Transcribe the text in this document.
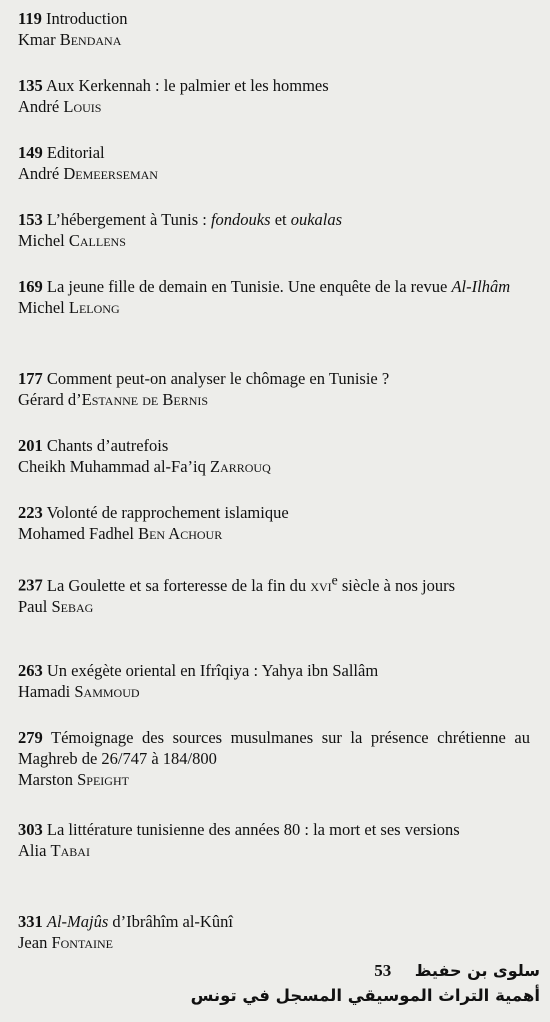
119 Introduction
Kmar Bendana
135 Aux Kerkennah : le palmier et les hommes
André Louis
149 Editorial
André Demeerseman
153 L’hébergement à Tunis : fondouks et oukalas
Michel Callens
169 La jeune fille de demain en Tunisie. Une enquête de la revue Al-Ilhâm
Michel Lelong
177 Comment peut-on analyser le chômage en Tunisie ?
Gérard d’Estanne de Bernis
201 Chants d’autrefois
Cheikh Muhammad al-Fa’iq Zarrouq
223 Volonté de rapprochement islamique
Mohamed Fadhel Ben Achour
237 La Goulette et sa forteresse de la fin du xvi$^e$ siècle à nos jours
Paul Sebag
263 Un exégète oriental en Ifrîqiya : Yahya ibn Sallâm
Hamadi Sammoud
279 Témoignage des sources musulmanes sur la présence chrétienne au Maghreb de 26/747 à 184/800
Marston Speight
303 La littérature tunisienne des années 80 : la mort et ses versions
Alia Tabai
331 Al-Majûs d’Ibrâhîm al-Kûnî
Jean Fontaine
سلوى بن حفيظ 53
أهمية التراث الموسيقي المسجل في تونس
